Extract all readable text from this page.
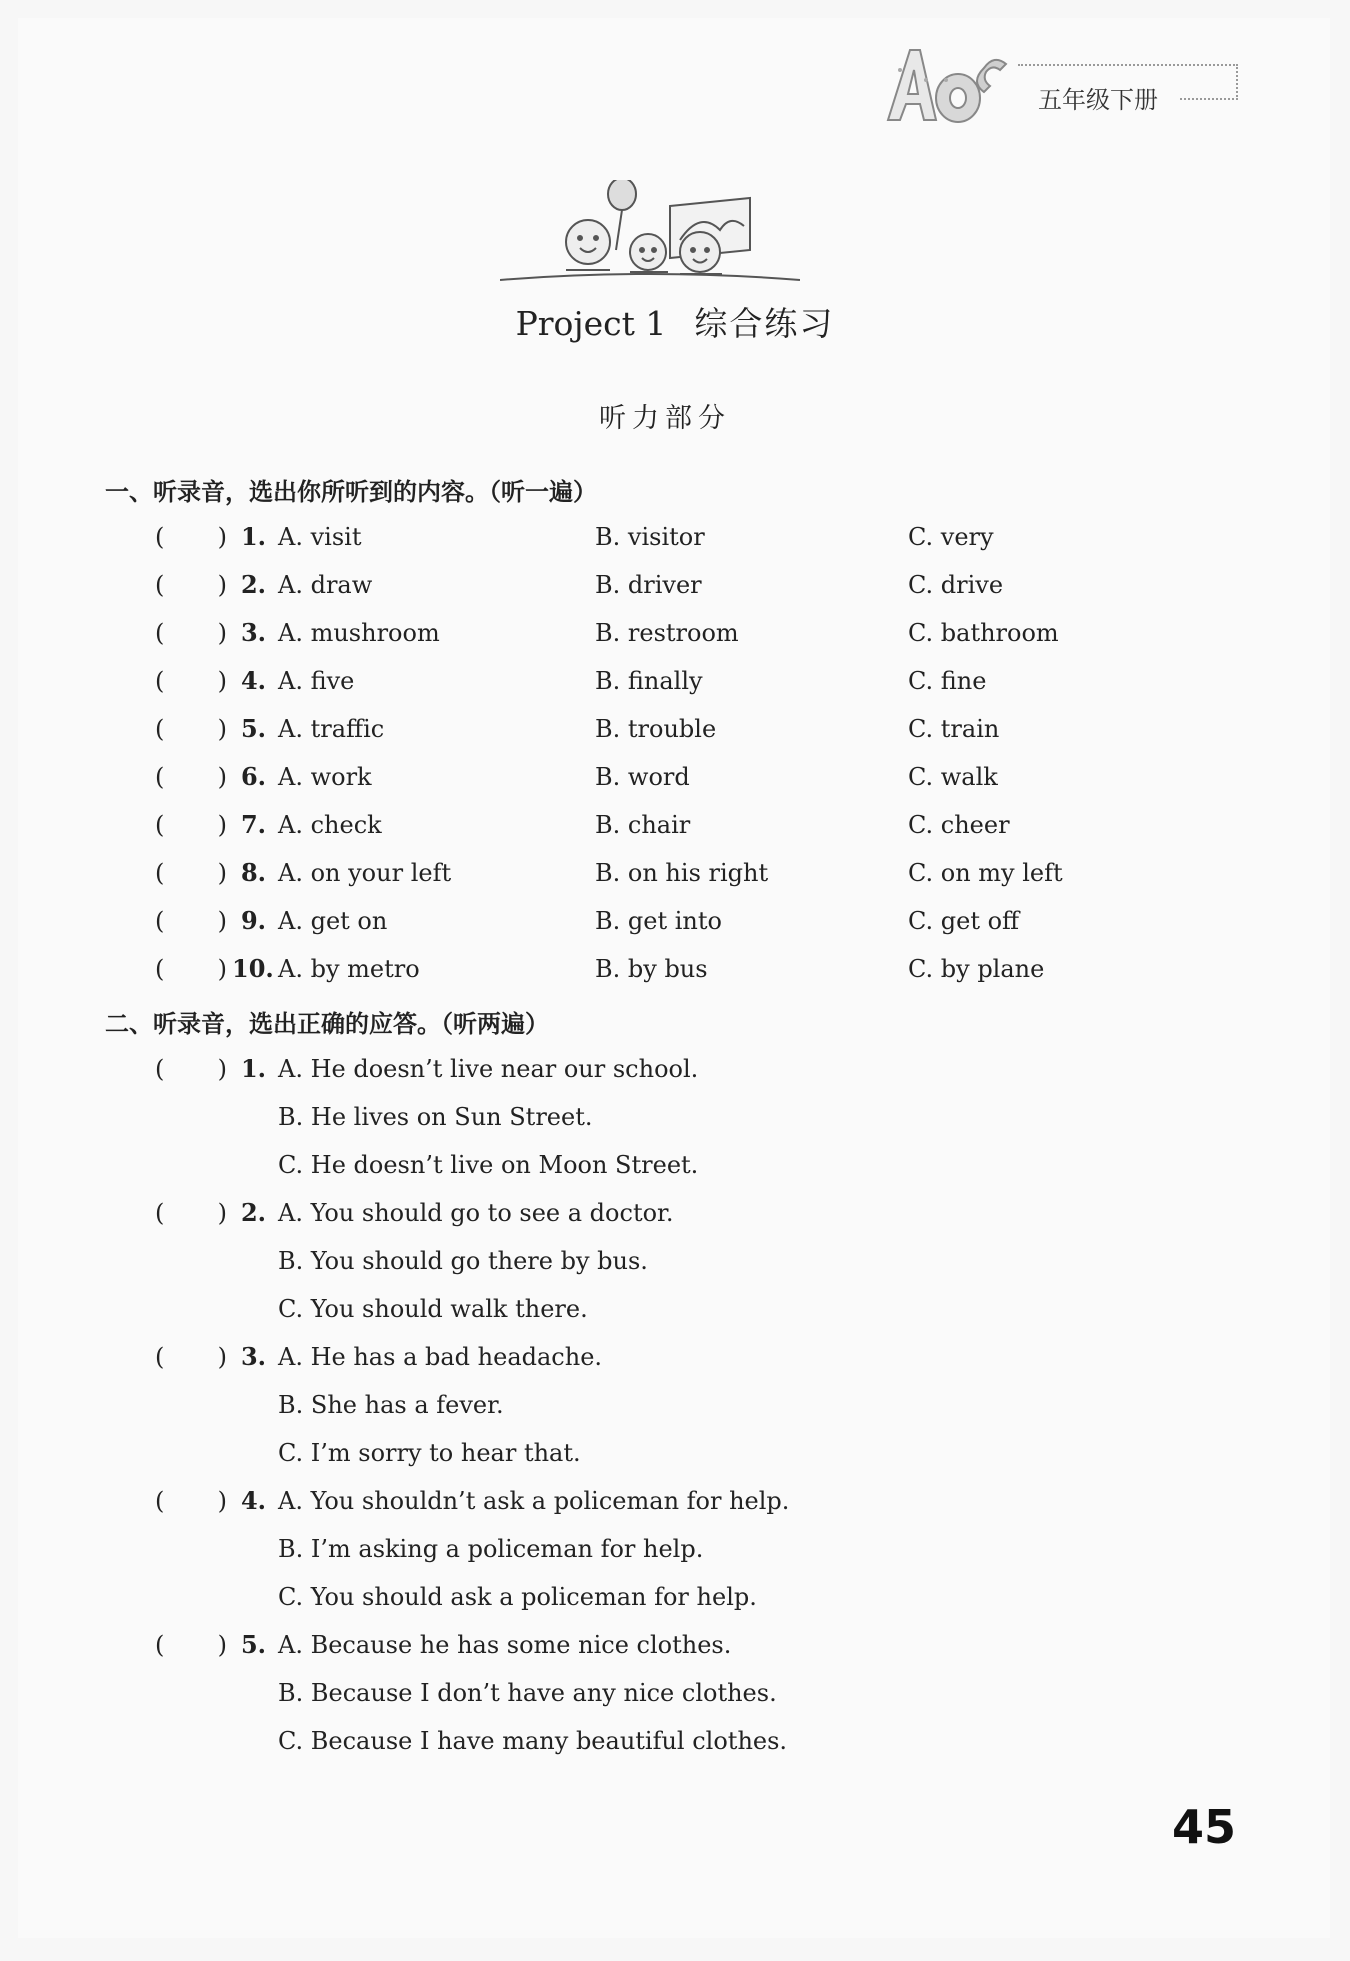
五年级下册
Project 1 综合练习
听力部分
一、听录音，选出你所听到的内容。（听一遍）
( ) 1. A. visit	B. visitor	C. very
( ) 2. A. draw	B. driver	C. drive
( ) 3. A. mushroom	B. restroom	C. bathroom
( ) 4. A. five	B. finally	C. fine
( ) 5. A. traffic	B. trouble	C. train
( ) 6. A. work	B. word	C. walk
( ) 7. A. check	B. chair	C. cheer
( ) 8. A. on your left	B. on his right	C. on my left
( ) 9. A. get on	B. get into	C. get off
( ) 10. A. by metro	B. by bus	C. by plane
二、听录音，选出正确的应答。（听两遍）
( ) 1. A. He doesn’t live near our school.
B. He lives on Sun Street.
C. He doesn’t live on Moon Street.
( ) 2. A. You should go to see a doctor.
B. You should go there by bus.
C. You should walk there.
( ) 3. A. He has a bad headache.
B. She has a fever.
C. I’m sorry to hear that.
( ) 4. A. You shouldn’t ask a policeman for help.
B. I’m asking a policeman for help.
C. You should ask a policeman for help.
( ) 5. A. Because he has some nice clothes.
B. Because I don’t have any nice clothes.
C. Because I have many beautiful clothes.
45
